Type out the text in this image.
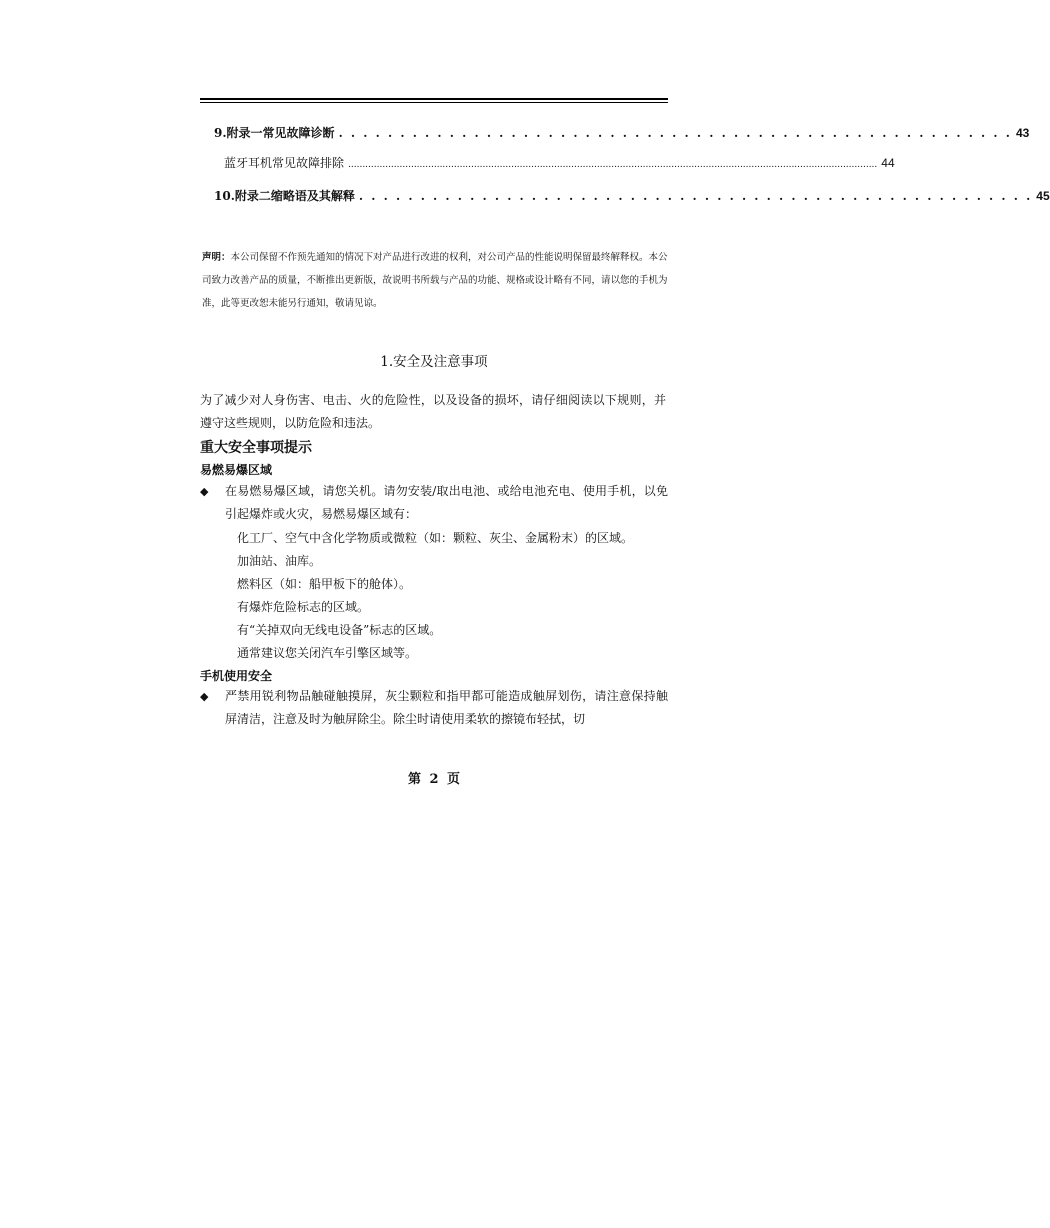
9. 附录一 常见故障诊断 . . . . . . . . . . . . . . . . . . . . . . . . . . . . . . . . . . . . . . . . . . . . . . . . . . . . . . . 43
蓝牙耳机常见故障排除 ......................................................................................................................................................................................... 44
10. 附录二 缩略语及其解释 . . . . . . . . . . . . . . . . . . . . . . . . . . . . . . . . . . . . . . . . . . . . . . . . . . . . . . . 45
声明：本公司保留不作预先通知的情况下对产品进行改进的权利，对公司产品的性能说明保留最终解释权。本公司致力改善产品的质量，不断推出更新版，故说明书所载与产品的功能、规格或设计略有不同，请以您的手机为准，此等更改恕未能另行通知，敬请见谅。
1.安全及注意事项
为了减少对人身伤害、电击、火的危险性，以及设备的损坏，请仔细阅读以下规则，并遵守这些规则，以防危险和违法。
重大安全事项提示
易燃易爆区域
◆ 在易燃易爆区域，请您关机。请勿安装/取出电池、或给电池充电、使用手机，以免引起爆炸或火灾，易燃易爆区域有：
化工厂、空气中含化学物质或微粒（如：颗粒、灰尘、金属粉末）的区域。
加油站、油库。
燃料区（如：船甲板下的舱体）。
有爆炸危险标志的区域。
有“关掉双向无线电设备”标志的区域。
通常建议您关闭汽车引擎区域等。
手机使用安全
◆ 严禁用锐利物品触碰触摸屏，灰尘颗粒和指甲都可能造成触屏划伤，请注意保持触屏清洁，注意及时为触屏除尘。除尘时请使用柔软的擦镜布轻拭，切
第 2 页
